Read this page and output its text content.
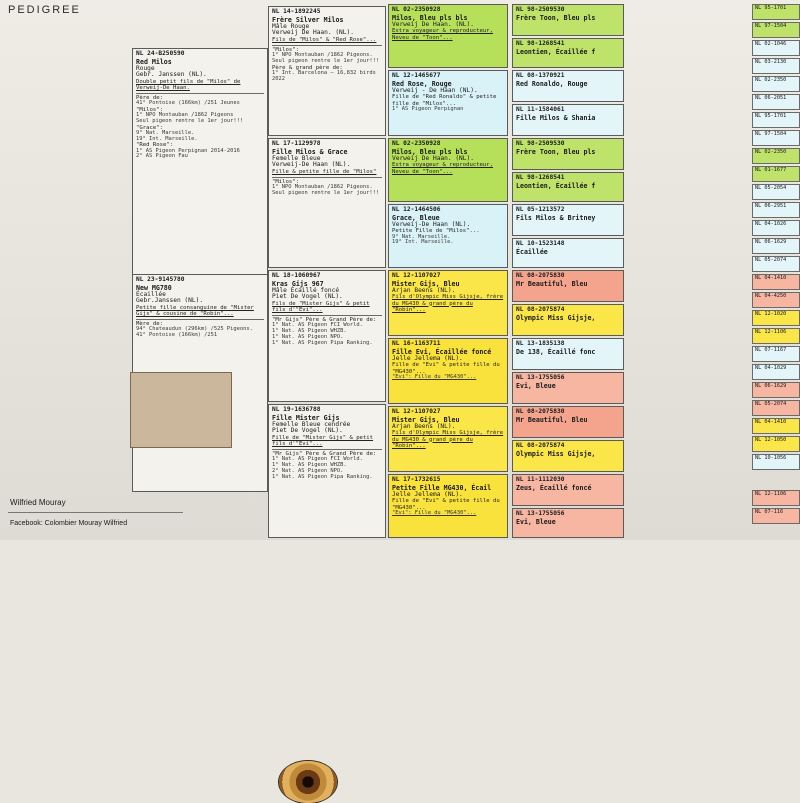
PEDIGREE
NL 24-B250590
Red Milos
Rouge
Gebr. Janssen (NL).
Double petit fils de "Milos" de Verweij-De Haan.
Père de:
41° Pontoise (166km) /251 Jeunes
"Milos":
1° NPO Montauban /1862 Pigeons
Seul pigeon rentre le 1er jour!!!
"Grace":
9° Nat. Marseille.
19° Int. Marseille.
"Red Rose":
1° AS Pigeon Perpignan 2014-2016
2° AS Pigeon Fau
NL 23-9145780
New MG780
Écaillée
Gebr.Janssen (NL).
Petite fille consanguine de "Mister Gijs" & cousine de "Robin"...
Mère de:
94° Chateaudun (296km) /525 Pigeons.
41° Pontoise (166km) /251
NL 14-1892245
Frère Silver Milos
Mâle Rouge
Verweij De Haan. (NL).
Fils de "Milos" & "Red Rose"...
"Milos":
1° NPO Montauban /1862 Pigeons.
Seul pigeon rentre le 1er jour!!!
Père & grand père de:
1° Int. Barcelona – 16,832 birds 2022
NL 17-1129978
Fille Milos & Grace
Femelle Bleue
Verweij-De Haan (NL).
Fille & petite fille de "Milos"
"Milos":
1° NPO Montauban /1862 Pigeons.
Seul pigeon rentre le 1er jour!!!
NL 18-1060967
Kras Gijs 967
Mâle Écaillé foncé
Piet De Vogel (NL).
Fils de "Mister Gijs" & petit fils d'"Evi"...
"Mr Gijs" Père & Grand Père de:
1° Nat. AS Pigeon FCI World.
1° Nat. AS Pigeon WHZB.
1° Nat. AS Pigeon NPO.
1° Nat. AS Pigeon Pipa Ranking.
NL 19-1636788
Fille Mister Gijs
Femelle Bleue cendrée
Piet De Vogel (NL).
Fille de "Mister Gijs" & petit fils d'"Evi"...
"Mr Gijs" Père & Grand Père de:
1° Nat. AS Pigeon FCI World.
1° Nat. AS Pigeon WHZB.
2° Nat. AS Pigeon NPO.
1° Nat. AS Pigeon Pipa Ranking.
NL 02-2350928
Milos, Bleu pls bls
Verweij De Haan. (NL).
Extra voyageur & reproducteur, Neveu de "Toon"...
NL 12-1465677
Red Rose, Rouge
Verweij - De Haan (NL).
Fille de "Red Ronaldo" & petite fille de "Milos"...
1° AS Pigeon Perpignan
NL 02-2350928
Milos, Bleu pls bls
Verweij De Haan. (NL).
Extra voyageur & reproducteur, Neveu de "Toon"...
NL 12-1464506
Grace, Bleue
Verweij-De Haan (NL).
Petite Fille de "Milos"...
9° Nat. Marseille.
19° Int. Marseille.
NL 12-1107027
Mister Gijs, Bleu
Arjan Beens (NL).
Fils d'Olympic Miss Gijsje, frère du MG430 & grand père du "Robin"...
NL 16-1163711
Fille Evi, Écaillée foncé
Jelle Jellema (NL).
Fille de "Evi" & petite fille du "MG430"...
"Evi": Fille du "MG430"...
NL 12-1107027
Mister Gijs, Bleu
Arjan Beens (NL).
Fils d'Olympic Miss Gijsje, frère du MG430 & grand père du "Robin"...
NL 17-1732615
Petite Fille MG430, Écail
Jelle Jellema (NL).
Fille de "Evi" & petite fille du "MG430"...
"Evi": Fille du "MG430"...
NL 98-2509530
Frère Toon, Bleu pls
NL 98-1268541
Leontien, Écaillée f
NL 08-1370921
Red Ronaldo, Rouge
NL 11-1584061
Fille Milos & Shania
NL 98-2509530
Frère Toon, Bleu pls
NL 98-1268541
Leontien, Écaillée f
NL 05-1213572
Fils Milos & Britney
NL 10-1523148
Écaillée
NL 08-2075830
Mr Beautiful, Bleu
NL 08-2075874
Olympic Miss Gijsje,
NL 13-1835138
De 138, Écaillé fonc
NL 13-1755056
Evi, Bleue
NL 08-2075830
Mr Beautiful, Bleu
NL 08-2075874
Olympic Miss Gijsje,
NL 11-1112030
Zeus, Écaillé foncé
NL 13-1755056
Evi, Bleue
NL 95-1701
NL 97-1504
NL 02-1046
NL 03-2130
NL 02-2350
NL 06-2051
NL 95-1701
NL 97-1504
NL 02-2350
NL 01-1677
NL 05-2054
NL 06-2951
NL 04-1026
NL 06-1629
NL 05-2074
NL 04-1410
NL 04-4250
NL 12-1020
NL 12-1106
NL 07-1167
NL 04-1029
NL 06-1629
NL 05-2074
NL 04-1410
NL 12-1050
NL 10-1056
NL 12-1106
NL 07-116
Wilfried Mouray
Facebook: Colombier Mouray Wilfried
